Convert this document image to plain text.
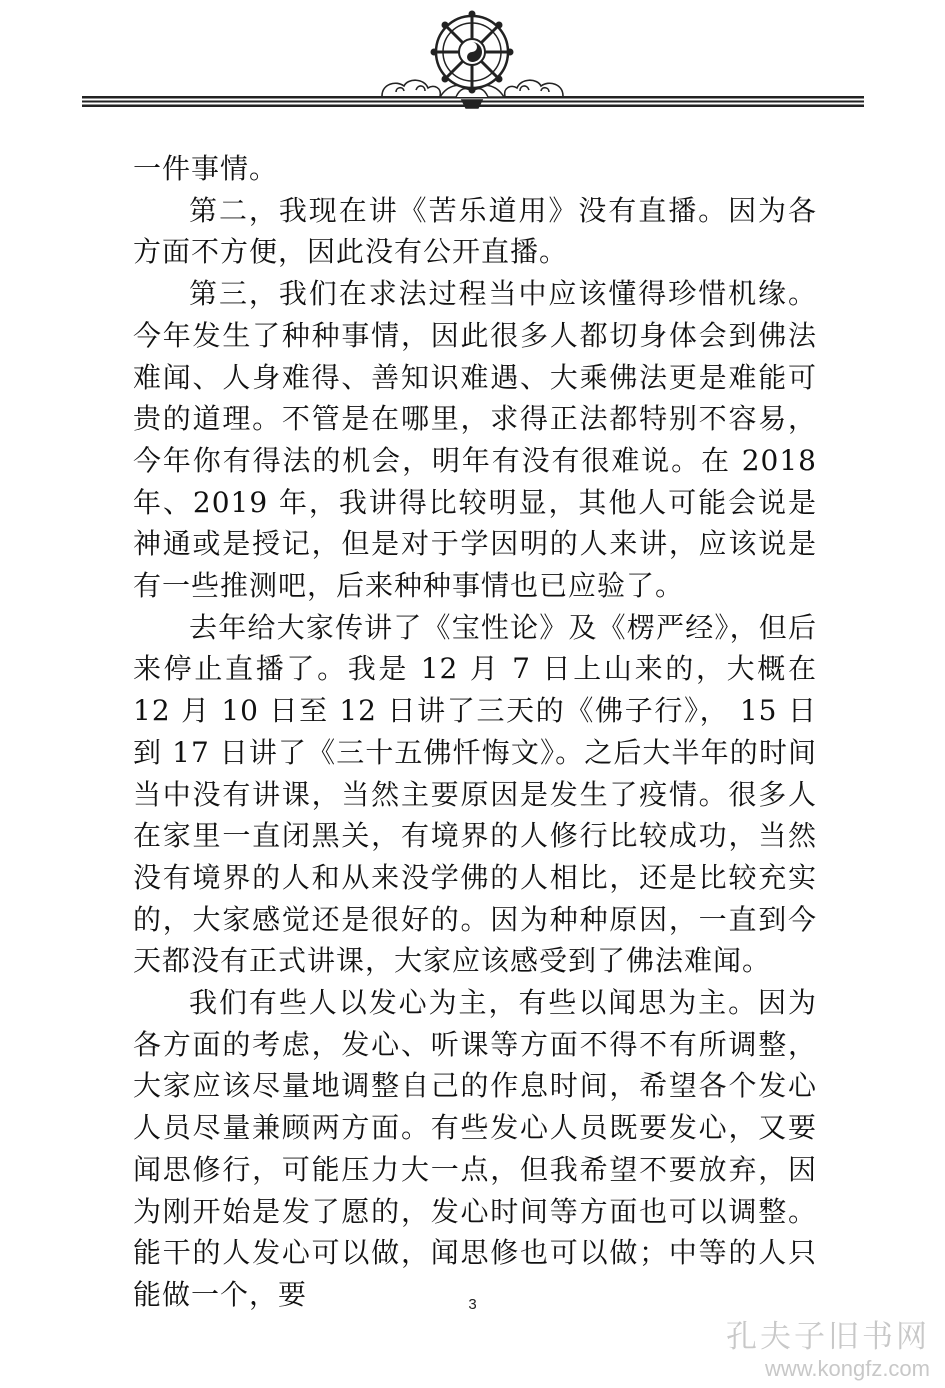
一件事情。

第二，我现在讲《苦乐道用》没有直播。因为各方面不方便，因此没有公开直播。

第三，我们在求法过程当中应该懂得珍惜机缘。今年发生了种种事情，因此很多人都切身体会到佛法难闻、人身难得、善知识难遇、大乘佛法更是难能可贵的道理。不管是在哪里，求得正法都特别不容易，今年你有得法的机会，明年有没有很难说。在 2018 年、2019 年，我讲得比较明显，其他人可能会说是神通或是授记，但是对于学因明的人来讲，应该说是有一些推测吧，后来种种事情也已应验了。

去年给大家传讲了《宝性论》及《楞严经》，但后来停止直播了。我是 12 月 7 日上山来的，大概在 12 月 10 日至 12 日讲了三天的《佛子行》， 15 日到 17 日讲了《三十五佛忏悔文》。之后大半年的时间当中没有讲课，当然主要原因是发生了疫情。很多人在家里一直闭黑关，有境界的人修行比较成功，当然没有境界的人和从来没学佛的人相比，还是比较充实的，大家感觉还是很好的。因为种种原因，一直到今天都没有正式讲课，大家应该感受到了佛法难闻。

我们有些人以发心为主，有些以闻思为主。因为各方面的考虑，发心、听课等方面不得不有所调整，大家应该尽量地调整自己的作息时间，希望各个发心人员尽量兼顾两方面。有些发心人员既要发心，又要闻思修行，可能压力大一点，但我希望不要放弃，因为刚开始是发了愿的，发心时间等方面也可以调整。能干的人发心可以做，闻思修也可以做；中等的人只能做一个，要	3
孔夫子旧书网
www.kongfz.com
